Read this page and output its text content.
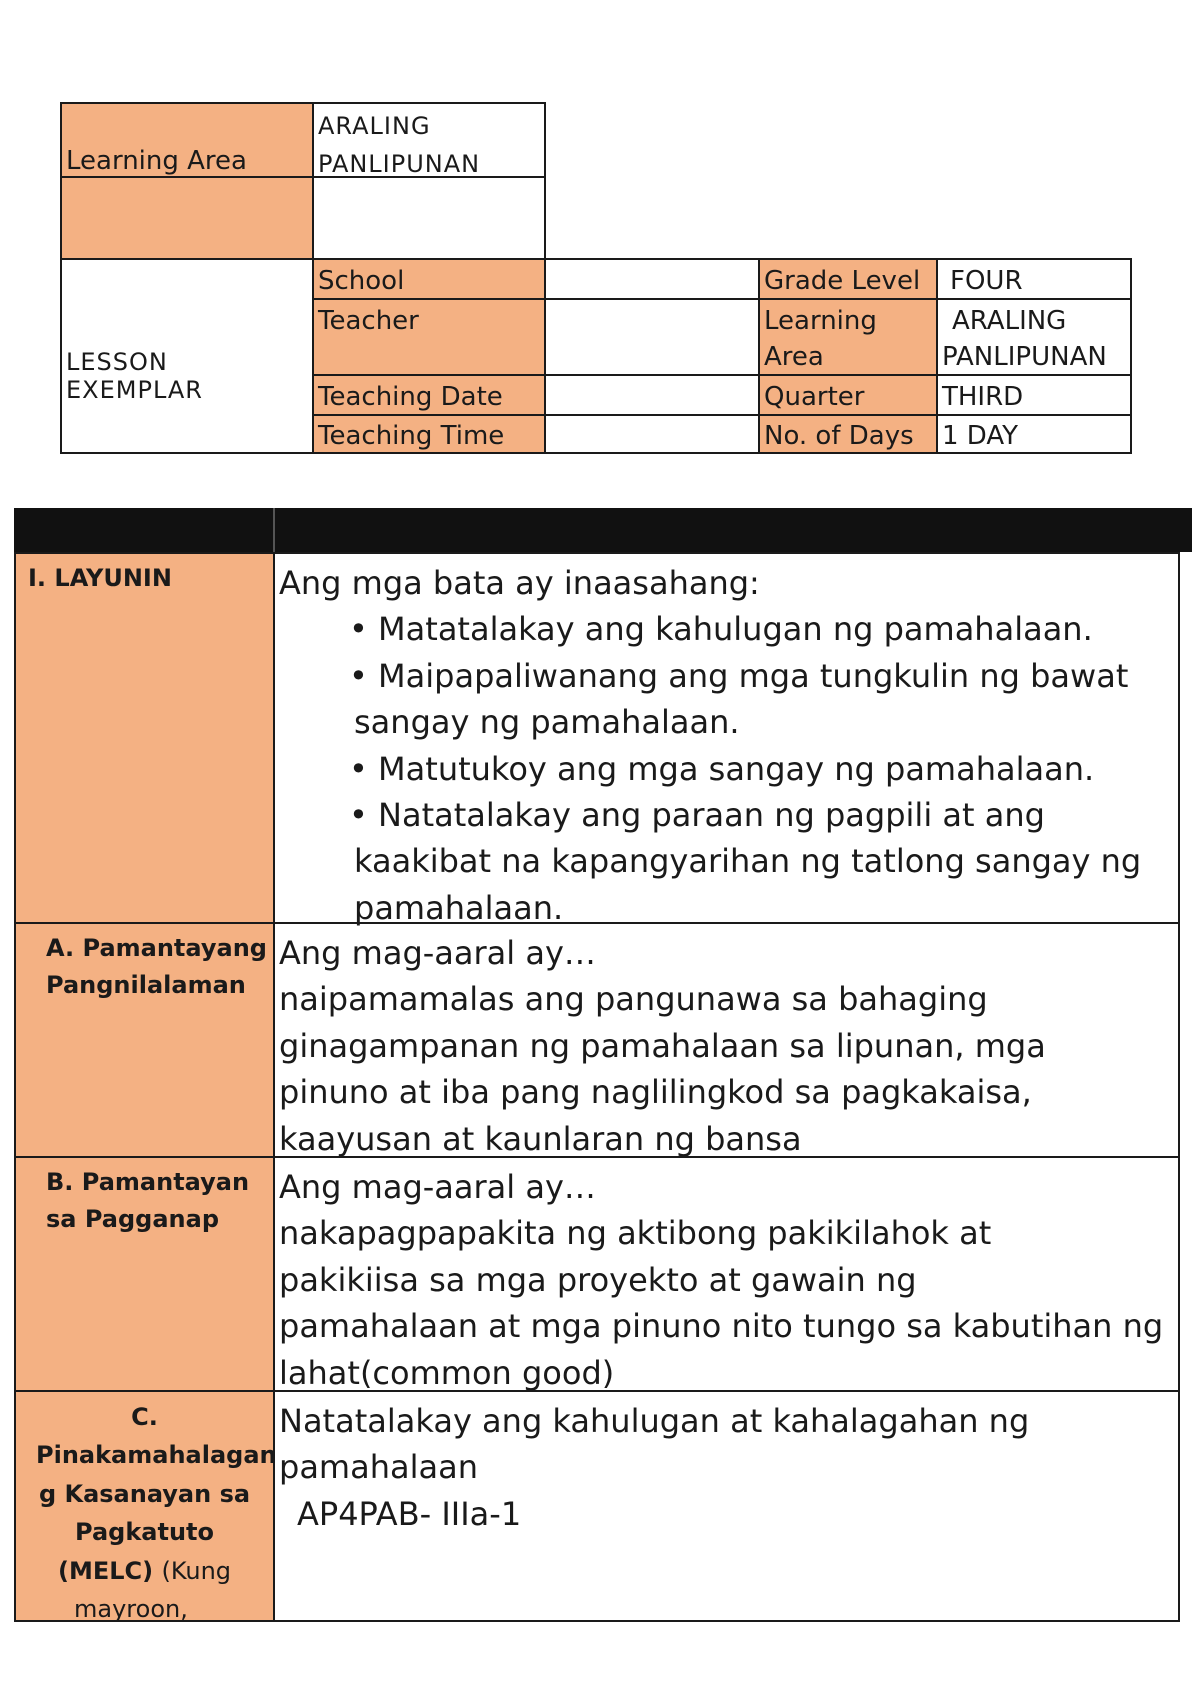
Learning Area
ARALING
PANLIPUNAN
LESSON EXEMPLAR
School
Teacher
Teaching Date
Teaching Time
Grade Level FOUR
Learning
Area
ARALING
PANLIPUNAN
Quarter	THIRD
No. of Days 1 DAY
I. LAYUNIN	Ang mga bata ay inaasahang:
• Matatalakay ang kahulugan ng pamahalaan.
• Maipapaliwanang ang mga tungkulin ng bawat
sangay ng pamahalaan.
• Matutukoy ang mga sangay ng pamahalaan.
• Natatalakay ang paraan ng pagpili at ang
kaakibat na kapangyarihan ng tatlong sangay ng
pamahalaan.
A. Pamantayang
Pangnilalaman
Ang mag-aaral ay…
naipamamalas ang pangunawa sa bahaging
ginagampanan ng pamahalaan sa lipunan, mga
pinuno at iba pang naglilingkod sa pagkakaisa,
kaayusan at kaunlaran ng bansa
B. Pamantayan
sa Pagganap
Ang mag-aaral ay…
nakapagpapakita ng aktibong pakikilahok at
pakikiisa sa mga proyekto at gawain ng
pamahalaan at mga pinuno nito tungo sa kabutihan ng
lahat(common good)
C.
Pinakamahalagan
g Kasanayan sa
Pagkatuto
(MELC) (Kung
mayroon,
Natatalakay ang kahulugan at kahalagahan ng
pamahalaan
AP4PAB- IIIa-1
